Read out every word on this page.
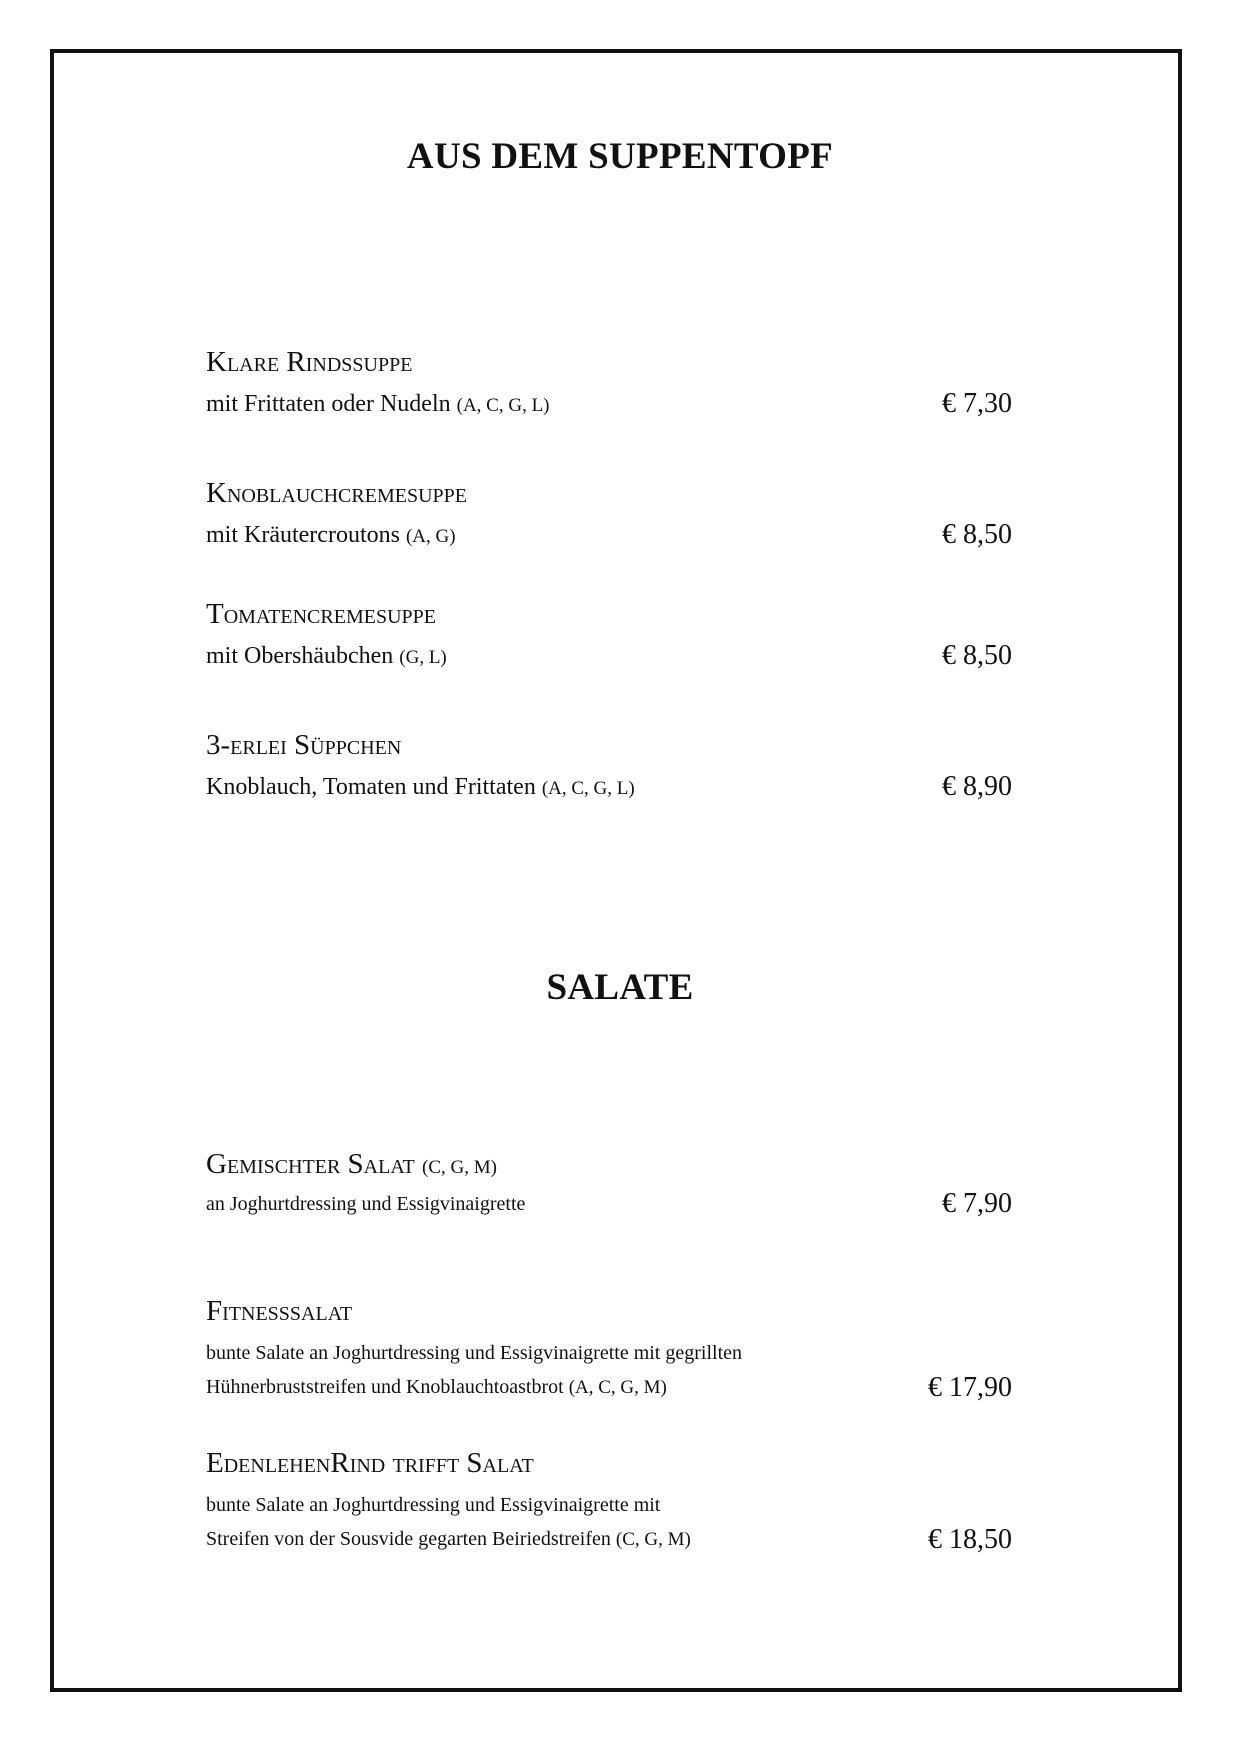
AUS DEM SUPPENTOPF
Klare Rindssuppe
mit Frittaten oder Nudeln (A, C, G, L)	€ 7,30
Knoblauchcremesuppe
mit Kräutercroutons (A, G)	€ 8,50
Tomatencremesuppe
mit Obershäubchen (G, L)	€ 8,50
3-erlei Süppchen
Knoblauch, Tomaten und Frittaten (A, C, G, L)	€ 8,90
SALATE
Gemischter Salat (C, G, M)
an Joghurtdressing und Essigvinaigrette	€ 7,90
Fitnesssalat
bunte Salate an Joghurtdressing und Essigvinaigrette mit gegrillten
Hühnerbruststreifen und Knoblauchtoastbrot (A, C, G, M)	€ 17,90
EdenlehenRind trifft Salat
bunte Salate an Joghurtdressing und Essigvinaigrette mit
Streifen von der Sousvide gegarten Beiriedstreifen (C, G, M)	€ 18,50
